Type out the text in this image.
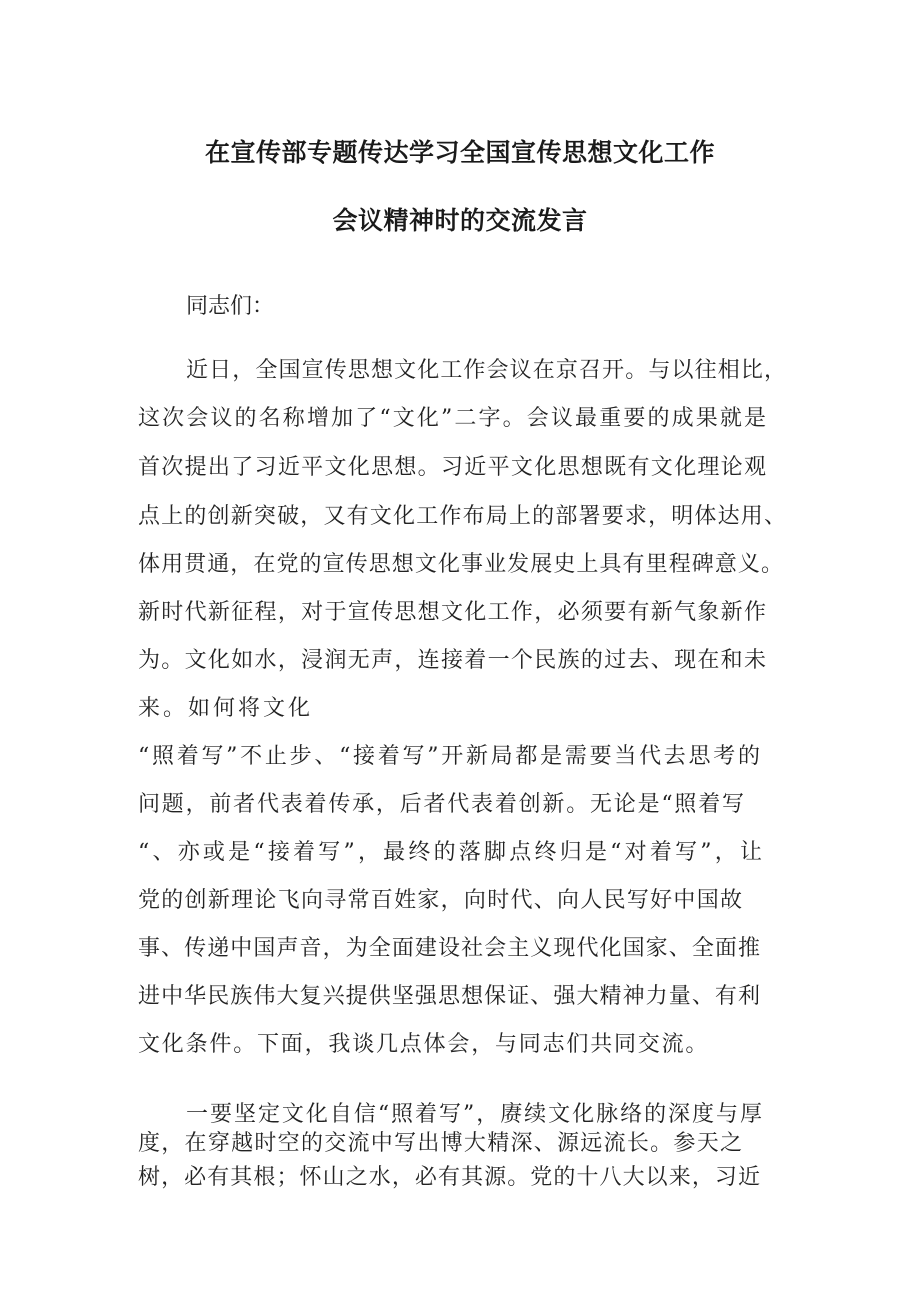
在宣传部专题传达学习全国宣传思想文化工作
会议精神时的交流发言
同志们：
近日，全国宣传思想文化工作会议在京召开。与以往相比，
这次会议的名称增加了“文化”二字。会议最重要的成果就是
首次提出了习近平文化思想。习近平文化思想既有文化理论观
点上的创新突破，又有文化工作布局上的部署要求，明体达用、
体用贯通，在党的宣传思想文化事业发展史上具有里程碑意义。
新时代新征程，对于宣传思想文化工作，必须要有新气象新作
为。文化如水，浸润无声，连接着一个民族的过去、现在和未
来。如何将文化
“照着写”不止步、“接着写”开新局都是需要当代去思考的
问题，前者代表着传承，后者代表着创新。无论是“照着写
“、亦或是“接着写”，最终的落脚点终归是“对着写”，让
党的创新理论飞向寻常百姓家，向时代、向人民写好中国故
事、传递中国声音，为全面建设社会主义现代化国家、全面推
进中华民族伟大复兴提供坚强思想保证、强大精神力量、有利
文化条件。下面，我谈几点体会，与同志们共同交流。
一要坚定文化自信“照着写”，赓续文化脉络的深度与厚
度，在穿越时空的交流中写出博大精深、源远流长。参天之
树，必有其根；怀山之水，必有其源。党的十八大以来，习近
